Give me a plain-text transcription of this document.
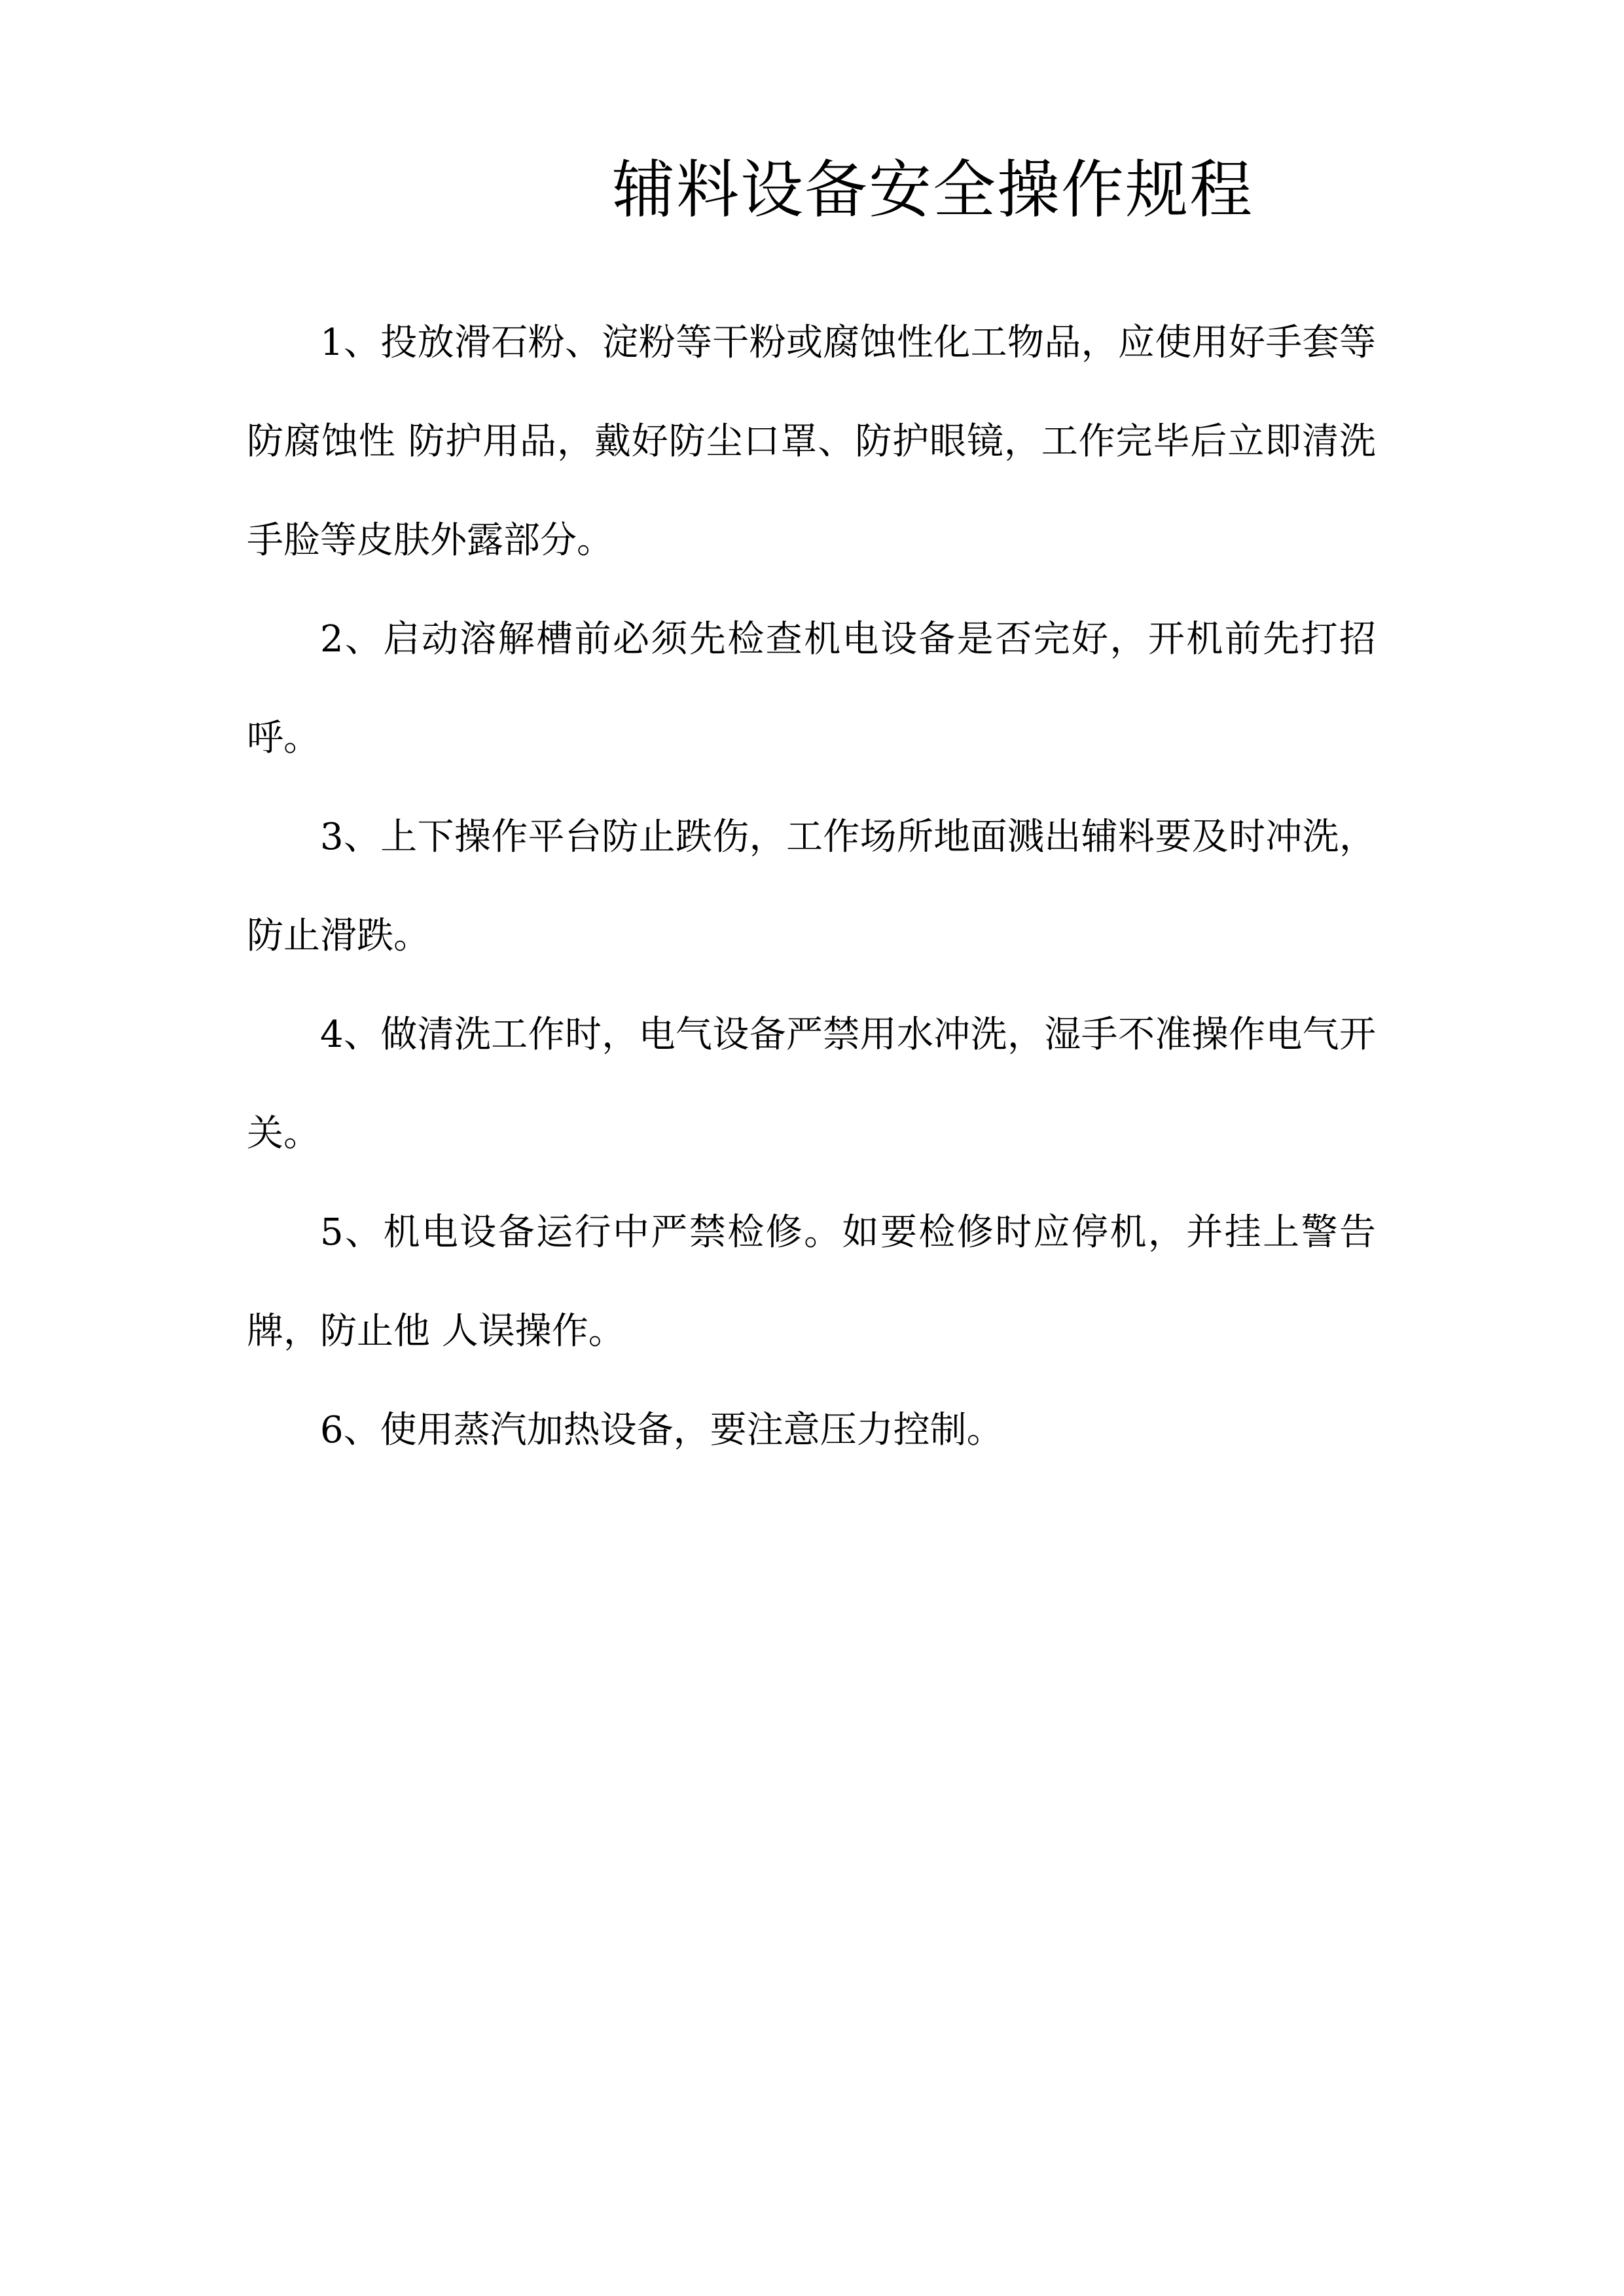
辅料设备安全操作规程

1、投放滑石粉、淀粉等干粉或腐蚀性化工物品，应使用好手套等防腐蚀性 防护用品，戴好防尘口罩、防护眼镜，工作完毕后立即清洗手脸等皮肤外露部分。

2、启动溶解槽前必须先检查机电设备是否完好，开机前先打招呼。

3、上下操作平台防止跌伤，工作场所地面溅出辅料要及时冲洗，防止滑跌。

4、做清洗工作时，电气设备严禁用水冲洗，湿手不准操作电气开关。

5、机电设备运行中严禁检修。如要检修时应停机，并挂上警告牌，防止他 人误操作。

6、使用蒸汽加热设备，要注意压力控制。
